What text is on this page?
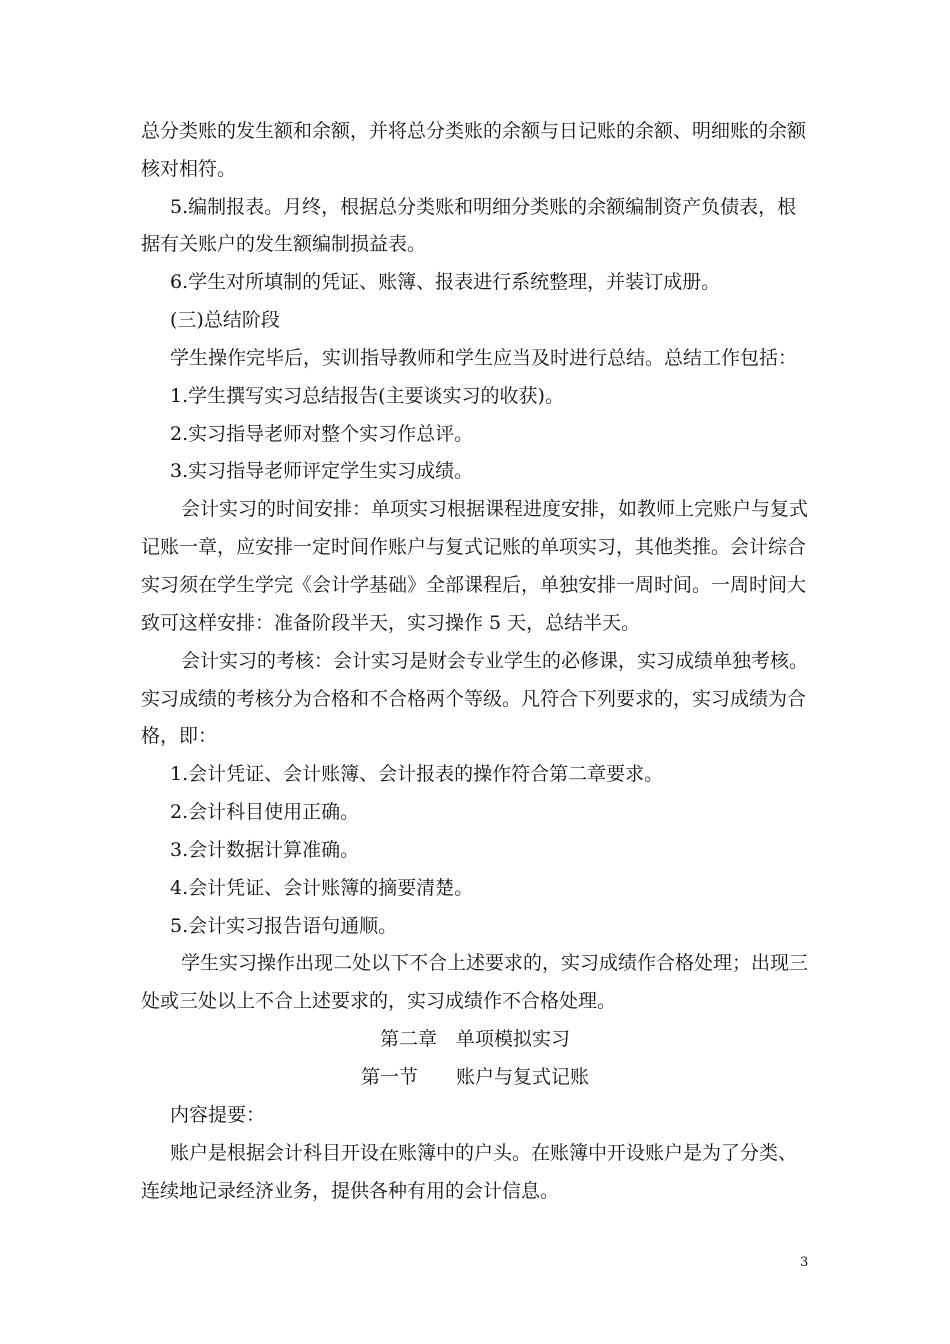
总分类账的发生额和余额，并将总分类账的余额与日记账的余额、明细账的余额
核对相符。
5.编制报表。月终，根据总分类账和明细分类账的余额编制资产负债表，根
据有关账户的发生额编制损益表。
6.学生对所填制的凭证、账簿、报表进行系统整理，并装订成册。
(三)总结阶段
学生操作完毕后，实训指导教师和学生应当及时进行总结。总结工作包括：
1.学生撰写实习总结报告(主要谈实习的收获)。
2.实习指导老师对整个实习作总评。
3.实习指导老师评定学生实习成绩。
会计实习的时间安排：单项实习根据课程进度安排，如教师上完账户与复式
记账一章，应安排一定时间作账户与复式记账的单项实习，其他类推。会计综合
实习须在学生学完《会计学基础》全部课程后，单独安排一周时间。一周时间大
致可这样安排：准备阶段半天，实习操作 5 天，总结半天。
会计实习的考核：会计实习是财会专业学生的必修课，实习成绩单独考核。
实习成绩的考核分为合格和不合格两个等级。凡符合下列要求的，实习成绩为合
格，即：
1.会计凭证、会计账簿、会计报表的操作符合第二章要求。
2.会计科目使用正确。
3.会计数据计算准确。
4.会计凭证、会计账簿的摘要清楚。
5.会计实习报告语句通顺。
学生实习操作出现二处以下不合上述要求的，实习成绩作合格处理；出现三
处或三处以上不合上述要求的，实习成绩作不合格处理。
第二章　单项模拟实习
第一节　　账户与复式记账
内容提要：
账户是根据会计科目开设在账簿中的户头。在账簿中开设账户是为了分类、
连续地记录经济业务，提供各种有用的会计信息。
3
